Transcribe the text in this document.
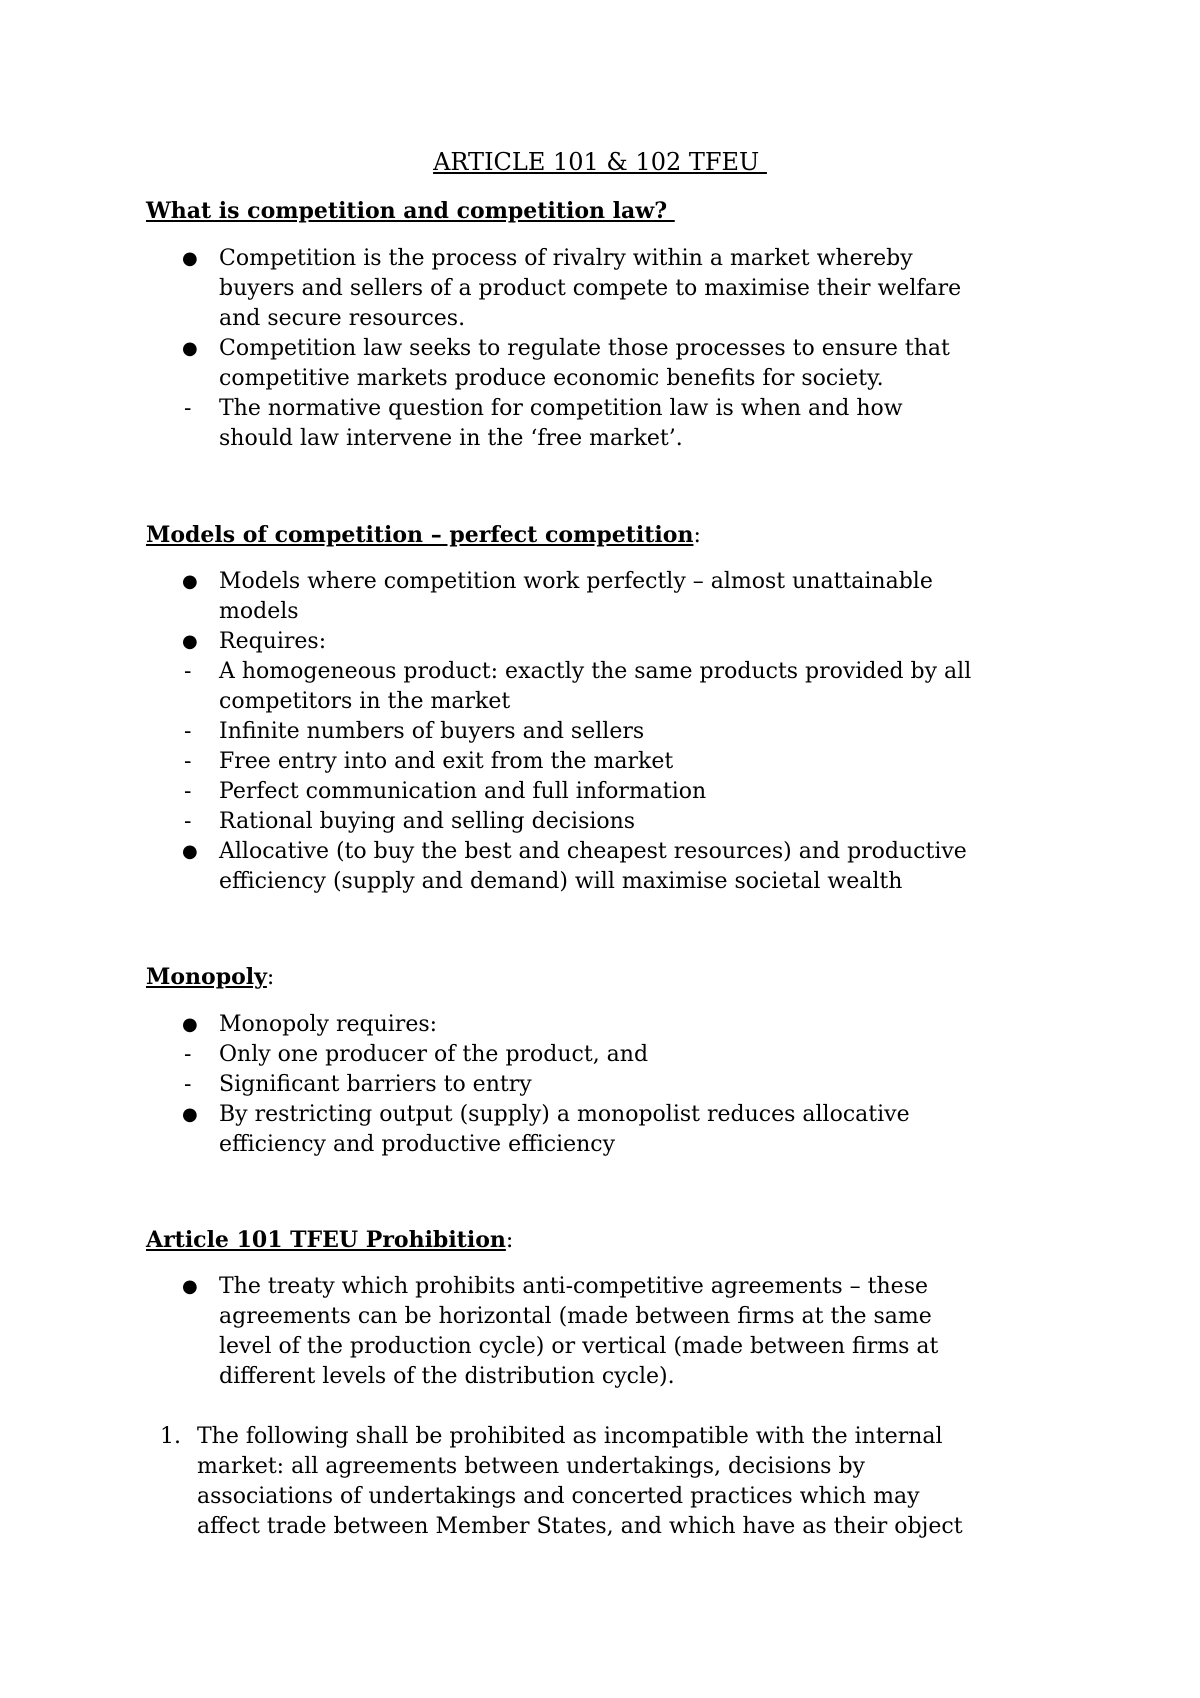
ARTICLE 101 & 102 TFEU
What is competition and competition law?
● Competition is the process of rivalry within a market whereby
buyers and sellers of a product compete to maximise their welfare
and secure resources.
● Competition law seeks to regulate those processes to ensure that
competitive markets produce economic benefits for society.
- The normative question for competition law is when and how
should law intervene in the ‘free market’.
Models of competition – perfect competition:
● Models where competition work perfectly – almost unattainable
models
● Requires:
- A homogeneous product: exactly the same products provided by all
competitors in the market
- Infinite numbers of buyers and sellers
- Free entry into and exit from the market
- Perfect communication and full information
- Rational buying and selling decisions
● Allocative (to buy the best and cheapest resources) and productive
efficiency (supply and demand) will maximise societal wealth
Monopoly:
● Monopoly requires:
- Only one producer of the product, and
- Significant barriers to entry
● By restricting output (supply) a monopolist reduces allocative
efficiency and productive efficiency
Article 101 TFEU Prohibition:
● The treaty which prohibits anti-competitive agreements – these
agreements can be horizontal (made between firms at the same
level of the production cycle) or vertical (made between firms at
different levels of the distribution cycle).
1. The following shall be prohibited as incompatible with the internal
market: all agreements between undertakings, decisions by
associations of undertakings and concerted practices which may
affect trade between Member States, and which have as their object
